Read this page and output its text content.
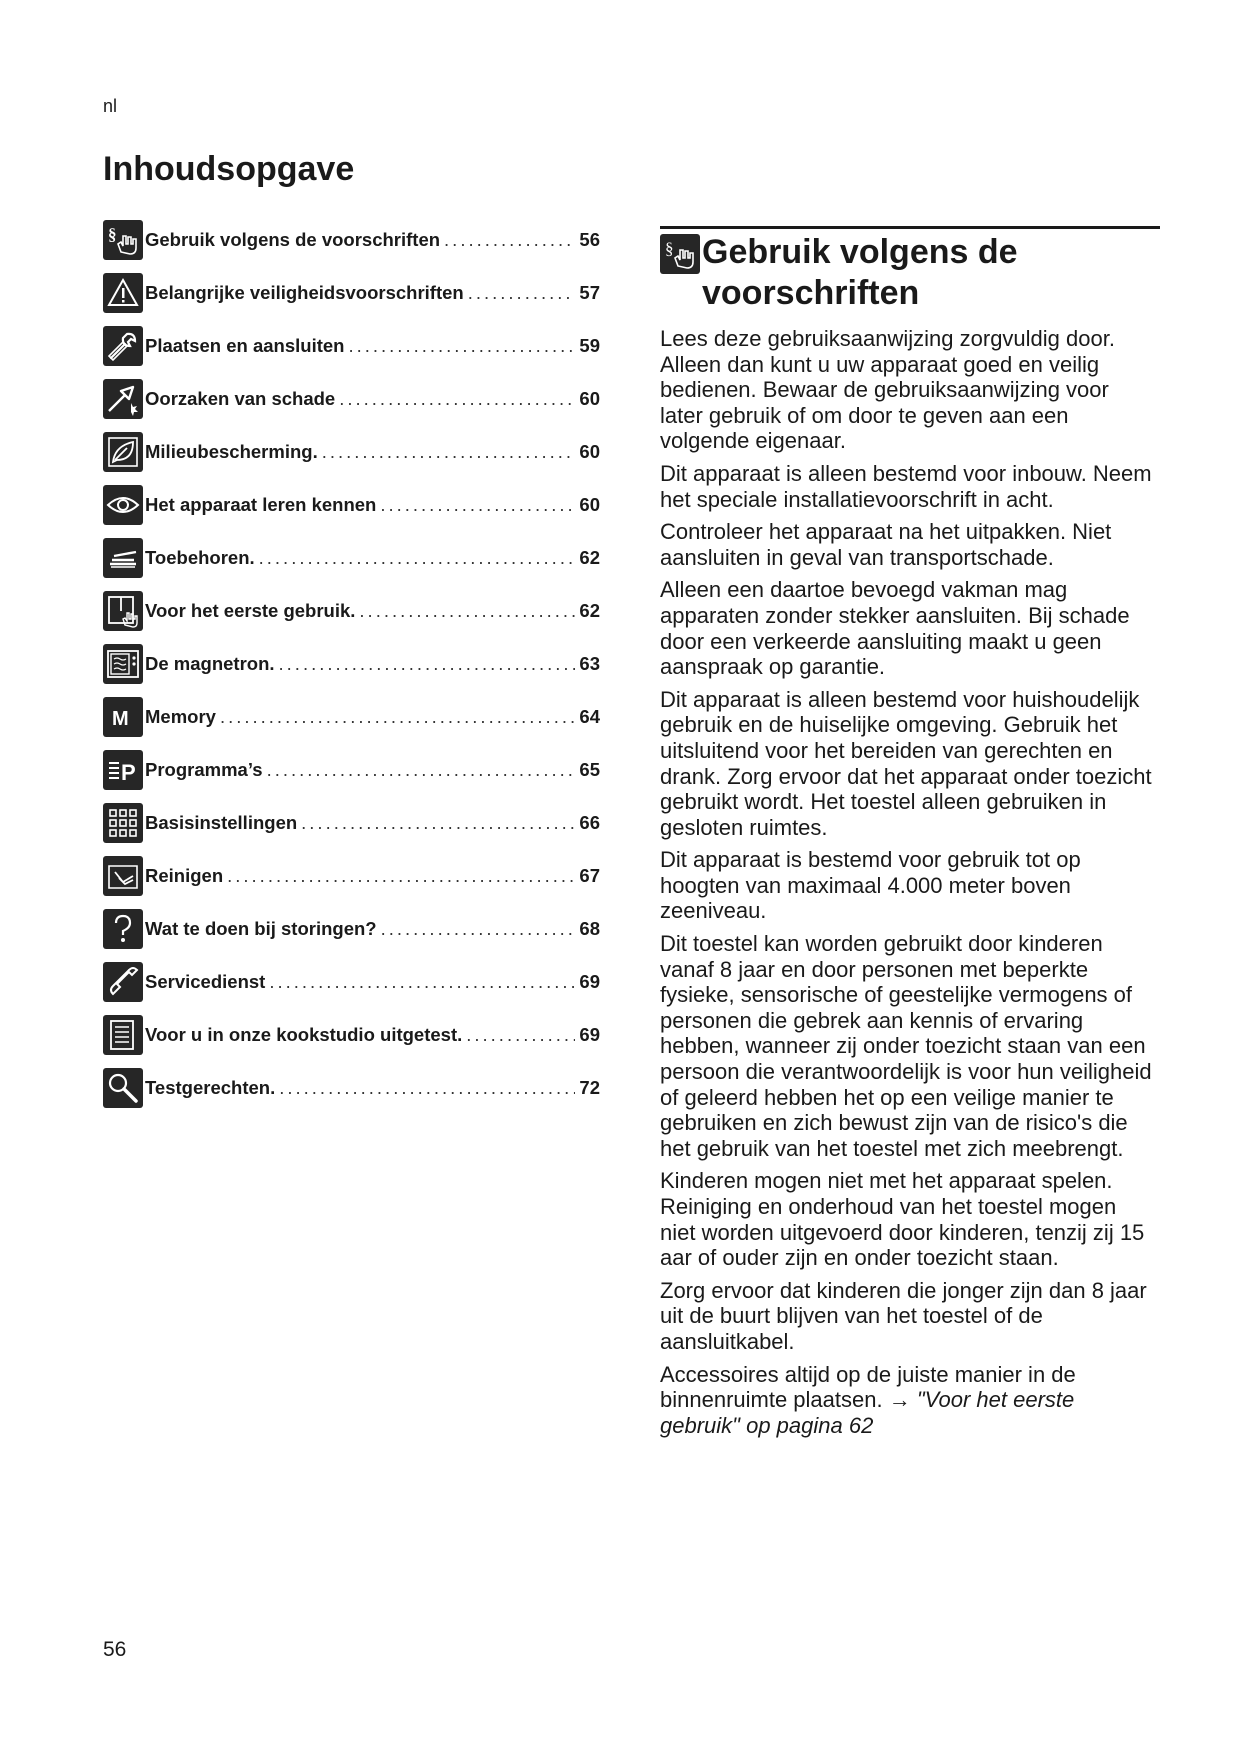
nl
Inhoudsopgave
§ Gebruik volgens de voorschriften .....	56
Belangrijke veiligheidsvoorschriften .....	57
Plaatsen en aansluiten .....	59
Oorzaken van schade .....	60
Milieubescherming. .....	60
Het apparaat leren kennen .....	60
Toebehoren. .....	62
Voor het eerste gebruik. .....	62
De magnetron. .....	63
M Memory .....	64
P Programma’s .....	65
Basisinstellingen .....	66
Reinigen .....	67
Wat te doen bij storingen? .....	68
Servicedienst .....	69
Voor u in onze kookstudio uitgetest. .....	69
Testgerechten. .....	72
§ Gebruik volgens de voorschriften

Lees deze gebruiksaanwijzing zorgvuldig door. Alleen dan kunt u uw apparaat goed en veilig bedienen. Bewaar de gebruiksaanwijzing voor later gebruik of om door te geven aan een volgende eigenaar.

Dit apparaat is alleen bestemd voor inbouw. Neem het speciale installatievoorschrift in acht.

Controleer het apparaat na het uitpakken. Niet aansluiten in geval van transportschade.

Alleen een daartoe bevoegd vakman mag apparaten zonder stekker aansluiten. Bij schade door een verkeerde aansluiting maakt u geen aanspraak op garantie.

Dit apparaat is alleen bestemd voor huishoudelijk gebruik en de huiselijke omgeving. Gebruik het uitsluitend voor het bereiden van gerechten en drank. Zorg ervoor dat het apparaat onder toezicht gebruikt wordt. Het toestel alleen gebruiken in gesloten ruimtes.

Dit apparaat is bestemd voor gebruik tot op hoogten van maximaal 4.000 meter boven zeeniveau.

Dit toestel kan worden gebruikt door kinderen vanaf 8 jaar en door personen met beperkte fysieke, sensorische of geestelijke vermogens of personen die gebrek aan kennis of ervaring hebben, wanneer zij onder toezicht staan van een persoon die verantwoordelijk is voor hun veiligheid of geleerd hebben het op een veilige manier te gebruiken en zich bewust zijn van de risico's die het gebruik van het toestel met zich meebrengt.

Kinderen mogen niet met het apparaat spelen. Reiniging en onderhoud van het toestel mogen niet worden uitgevoerd door kinderen, tenzij zij 15 aar of ouder zijn en onder toezicht staan.

Zorg ervoor dat kinderen die jonger zijn dan 8 jaar uit de buurt blijven van het toestel of de aansluitkabel.

Accessoires altijd op de juiste manier in de binnenruimte plaatsen. → "Voor het eerste gebruik" op pagina 62

56
